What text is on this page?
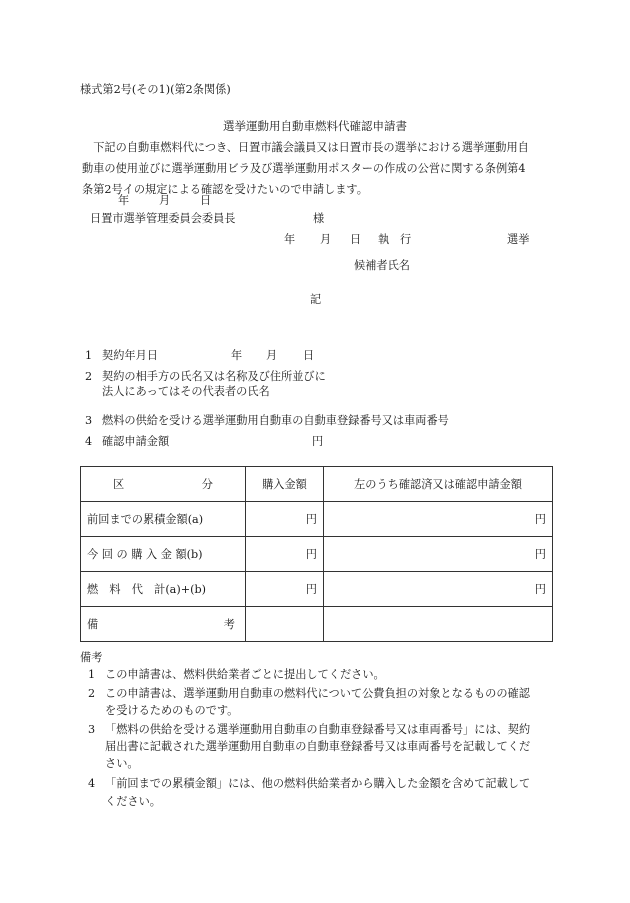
様式第2号(その1)(第2条関係)
選挙運動用自動車燃料代確認申請書
　下記の自動車燃料代につき、日置市議会議員又は日置市長の選挙における選挙運動用自
動車の使用並びに選挙運動用ビラ及び選挙運動用ポスターの作成の公営に関する条例第4
条第2号イの規定による確認を受けたいので申請します。
年	月	日
日置市選挙管理委員会委員長	様
年 月 日 執 行	選挙
候補者氏名
記
1 契約年月日	年 月 日
2 契約の相手方の氏名又は名称及び住所並びに
法人にあってはその代表者の氏名
3 燃料の供給を受ける選挙運動用自動車の自動車登録番号又は車両番号
4 確認申請金額	円
区 分	購入金額	左のうち確認済又は確認申請金額
前回までの累積金額(a)	円	円
今 回 の 購 入 金 額(b)	円	円
燃　料　代　計(a)+(b)	円	円

備 考		

備考
1 この申請書は、燃料供給業者ごとに提出してください。
2 この申請書は、選挙運動用自動車の燃料代について公費負担の対象となるものの確認
を受けるためのものです。
3 「燃料の供給を受ける選挙運動用自動車の自動車登録番号又は車両番号」には、契約
届出書に記載された選挙運動用自動車の自動車登録番号又は車両番号を記載してくだ
さい。
4 「前回までの累積金額」には、他の燃料供給業者から購入した金額を含めて記載して
ください。
